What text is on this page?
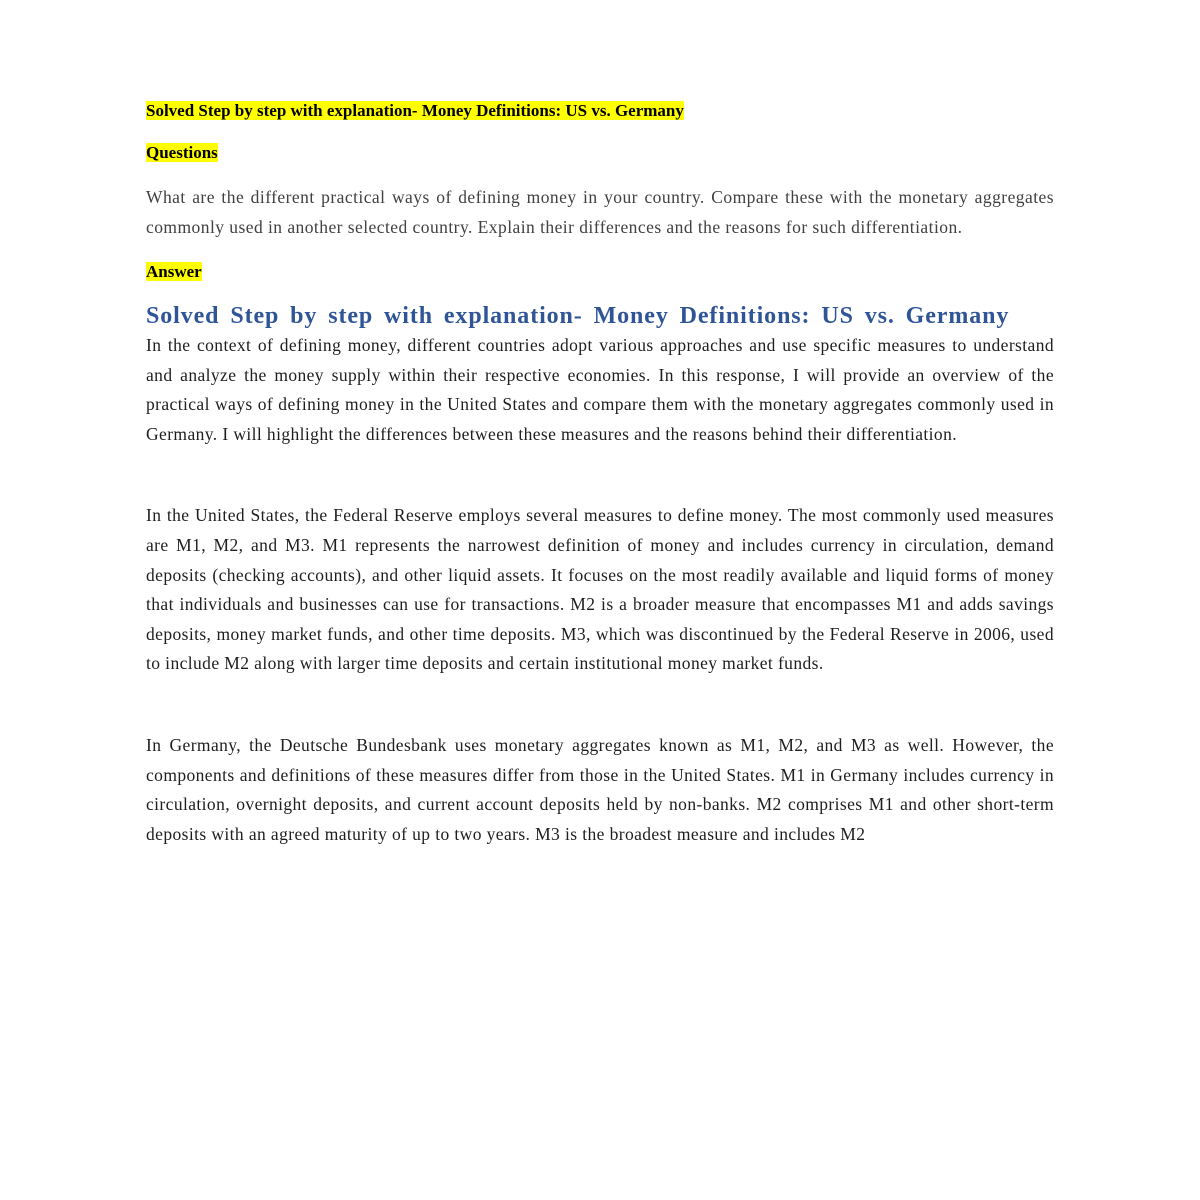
Solved Step by step with explanation- Money Definitions: US vs. Germany

Questions

What are the different practical ways of defining money in your country. Compare these with the monetary aggregates commonly used in another selected country. Explain their differences and the reasons for such differentiation.

Answer

Solved Step by step with explanation- Money Definitions: US vs. Germany

In the context of defining money, different countries adopt various approaches and use specific measures to understand and analyze the money supply within their respective economies. In this response, I will provide an overview of the practical ways of defining money in the United States and compare them with the monetary aggregates commonly used in Germany. I will highlight the differences between these measures and the reasons behind their differentiation.

In the United States, the Federal Reserve employs several measures to define money. The most commonly used measures are M1, M2, and M3. M1 represents the narrowest definition of money and includes currency in circulation, demand deposits (checking accounts), and other liquid assets. It focuses on the most readily available and liquid forms of money that individuals and businesses can use for transactions. M2 is a broader measure that encompasses M1 and adds savings deposits, money market funds, and other time deposits. M3, which was discontinued by the Federal Reserve in 2006, used to include M2 along with larger time deposits and certain institutional money market funds.

In Germany, the Deutsche Bundesbank uses monetary aggregates known as M1, M2, and M3 as well. However, the components and definitions of these measures differ from those in the United States. M1 in Germany includes currency in circulation, overnight deposits, and current account deposits held by non-banks. M2 comprises M1 and other short-term deposits with an agreed maturity of up to two years. M3 is the broadest measure and includes M2
